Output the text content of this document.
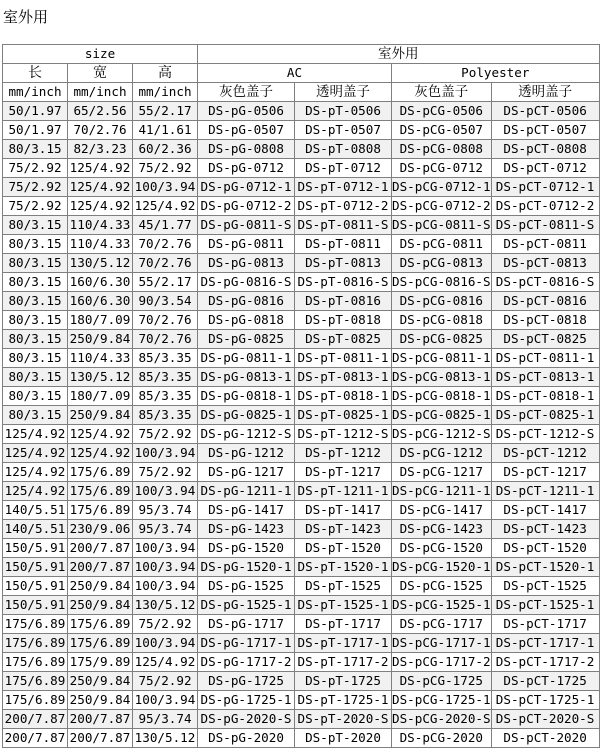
室外用
size			室外用			
长	宽	高	AC		Polyester	
mm/inch	mm/inch	mm/inch	灰色盖子	透明盖子	灰色盖子	透明盖子
50/1.97	65/2.56	55/2.17	DS-pG-0506	DS-pT-0506	DS-pCG-0506	DS-pCT-0506
50/1.97	70/2.76	41/1.61	DS-pG-0507	DS-pT-0507	DS-pCG-0507	DS-pCT-0507
80/3.15	82/3.23	60/2.36	DS-pG-0808	DS-pT-0808	DS-pCG-0808	DS-pCT-0808
75/2.92	125/4.92	75/2.92	DS-pG-0712	DS-pT-0712	DS-pCG-0712	DS-pCT-0712
75/2.92	125/4.92	100/3.94	DS-pG-0712-1	DS-pT-0712-1	DS-pCG-0712-1	DS-pCT-0712-1
75/2.92	125/4.92	125/4.92	DS-pG-0712-2	DS-pT-0712-2	DS-pCG-0712-2	DS-pCT-0712-2
80/3.15	110/4.33	45/1.77	DS-pG-0811-S	DS-pT-0811-S	DS-pCG-0811-S	DS-pCT-0811-S
80/3.15	110/4.33	70/2.76	DS-pG-0811	DS-pT-0811	DS-pCG-0811	DS-pCT-0811
80/3.15	130/5.12	70/2.76	DS-pG-0813	DS-pT-0813	DS-pCG-0813	DS-pCT-0813
80/3.15	160/6.30	55/2.17	DS-pG-0816-S	DS-pT-0816-S	DS-pCG-0816-S	DS-pCT-0816-S
80/3.15	160/6.30	90/3.54	DS-pG-0816	DS-pT-0816	DS-pCG-0816	DS-pCT-0816
80/3.15	180/7.09	70/2.76	DS-pG-0818	DS-pT-0818	DS-pCG-0818	DS-pCT-0818
80/3.15	250/9.84	70/2.76	DS-pG-0825	DS-pT-0825	DS-pCG-0825	DS-pCT-0825
80/3.15	110/4.33	85/3.35	DS-pG-0811-1	DS-pT-0811-1	DS-pCG-0811-1	DS-pCT-0811-1
80/3.15	130/5.12	85/3.35	DS-pG-0813-1	DS-pT-0813-1	DS-pCG-0813-1	DS-pCT-0813-1
80/3.15	180/7.09	85/3.35	DS-pG-0818-1	DS-pT-0818-1	DS-pCG-0818-1	DS-pCT-0818-1
80/3.15	250/9.84	85/3.35	DS-pG-0825-1	DS-pT-0825-1	DS-pCG-0825-1	DS-pCT-0825-1
125/4.92	125/4.92	75/2.92	DS-pG-1212-S	DS-pT-1212-S	DS-pCG-1212-S	DS-pCT-1212-S
125/4.92	125/4.92	100/3.94	DS-pG-1212	DS-pT-1212	DS-pCG-1212	DS-pCT-1212
125/4.92	175/6.89	75/2.92	DS-pG-1217	DS-pT-1217	DS-pCG-1217	DS-pCT-1217
125/4.92	175/6.89	100/3.94	DS-pG-1211-1	DS-pT-1211-1	DS-pCG-1211-1	DS-pCT-1211-1
140/5.51	175/6.89	95/3.74	DS-pG-1417	DS-pT-1417	DS-pCG-1417	DS-pCT-1417
140/5.51	230/9.06	95/3.74	DS-pG-1423	DS-pT-1423	DS-pCG-1423	DS-pCT-1423
150/5.91	200/7.87	100/3.94	DS-pG-1520	DS-pT-1520	DS-pCG-1520	DS-pCT-1520
150/5.91	200/7.87	100/3.94	DS-pG-1520-1	DS-pT-1520-1	DS-pCG-1520-1	DS-pCT-1520-1
150/5.91	250/9.84	100/3.94	DS-pG-1525	DS-pT-1525	DS-pCG-1525	DS-pCT-1525
150/5.91	250/9.84	130/5.12	DS-pG-1525-1	DS-pT-1525-1	DS-pCG-1525-1	DS-pCT-1525-1
175/6.89	175/6.89	75/2.92	DS-pG-1717	DS-pT-1717	DS-pCG-1717	DS-pCT-1717
175/6.89	175/6.89	100/3.94	DS-pG-1717-1	DS-pT-1717-1	DS-pCG-1717-1	DS-pCT-1717-1
175/6.89	175/9.89	125/4.92	DS-pG-1717-2	DS-pT-1717-2	DS-pCG-1717-2	DS-pCT-1717-2
175/6.89	250/9.84	75/2.92	DS-pG-1725	DS-pT-1725	DS-pCG-1725	DS-pCT-1725
175/6.89	250/9.84	100/3.94	DS-pG-1725-1	DS-pT-1725-1	DS-pCG-1725-1	DS-pCT-1725-1
200/7.87	200/7.87	95/3.74	DS-pG-2020-S	DS-pT-2020-S	DS-pCG-2020-S	DS-pCT-2020-S
200/7.87	200/7.87	130/5.12	DS-pG-2020	DS-pT-2020	DS-pCG-2020	DS-pCT-2020
